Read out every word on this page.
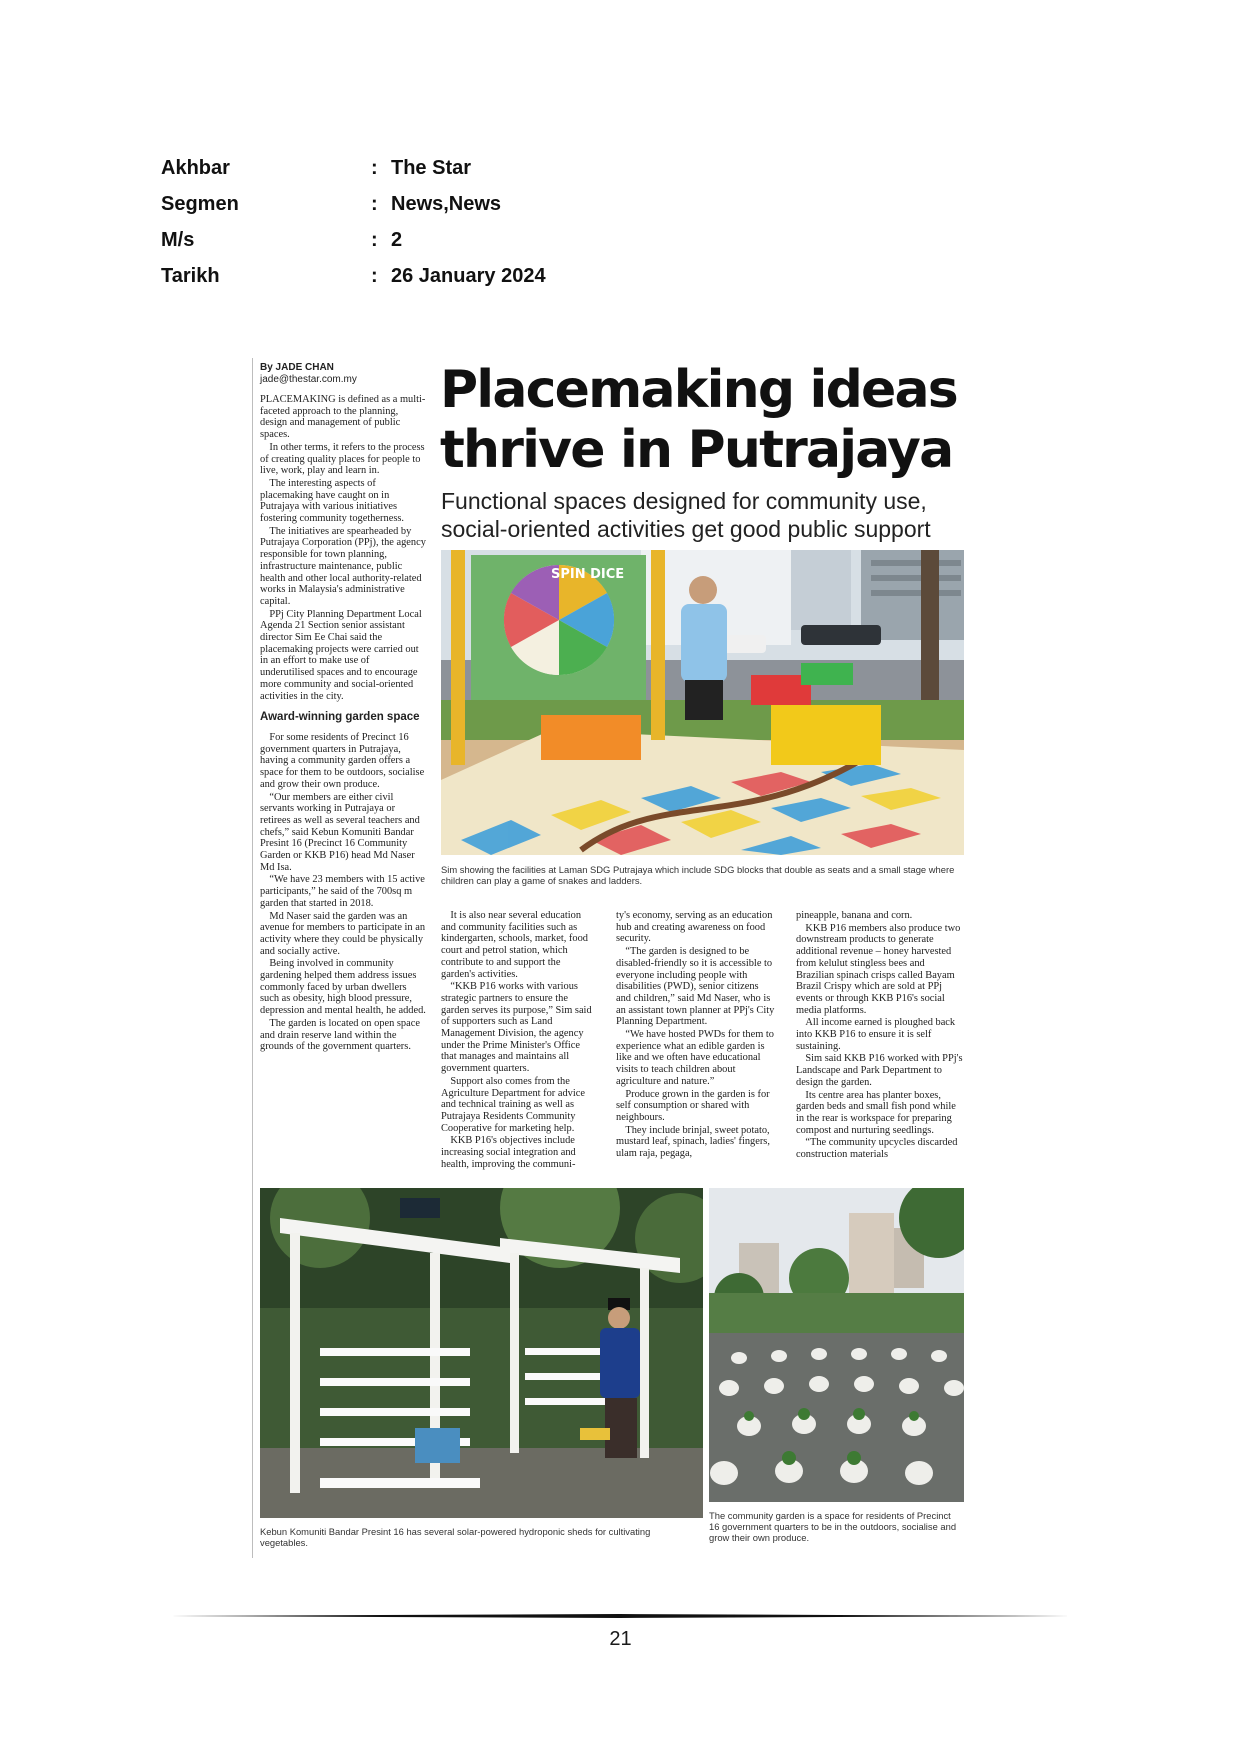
Akhbar	: The Star
Segmen	: News,News
M/s	: 2
Tarikh	: 26 January 2024
By JADE CHAN
jade@thestar.com.my

PLACEMAKING is defined as a multi-faceted approach to the planning, design and management of public spaces.

In other terms, it refers to the process of creating quality places for people to live, work, play and learn in.

The interesting aspects of placemaking have caught on in Putrajaya with various initiatives fostering community togetherness.

The initiatives are spearheaded by Putrajaya Corporation (PPj), the agency responsible for town planning, infrastructure maintenance, public health and other local authority-related works in Malaysia's administrative capital.

PPj City Planning Department Local Agenda 21 Section senior assistant director Sim Ee Chai said the placemaking projects were carried out in an effort to make use of underutilised spaces and to encourage more community and social-oriented activities in the city.

Award-winning garden space

For some residents of Precinct 16 government quarters in Putrajaya, having a community garden offers a space for them to be outdoors, socialise and grow their own produce.

“Our members are either civil servants working in Putrajaya or retirees as well as several teachers and chefs,” said Kebun Komuniti Bandar Presint 16 (Precinct 16 Community Garden or KKB P16) head Md Naser Md Isa.

“We have 23 members with 15 active participants,” he said of the 700sq m garden that started in 2018.

Md Naser said the garden was an avenue for members to participate in an activity where they could be physically and socially active.

Being involved in community gardening helped them address issues commonly faced by urban dwellers such as obesity, high blood pressure, depression and mental health, he added.

The garden is located on open space and drain reserve land within the grounds of the government quarters.

Placemaking ideas
thrive in Putrajaya
Functional spaces designed for community use,
social-oriented activities get good public support
SPIN DICE
Sim showing the facilities at Laman SDG Putrajaya which include SDG blocks that double as seats and a small stage where children can play a game of snakes and ladders.

It is also near several education and community facilities such as kindergarten, schools, market, food court and petrol station, which contribute to and support the garden's activities.

“KKB P16 works with various strategic partners to ensure the garden serves its purpose,” Sim said of supporters such as Land Management Division, the agency under the Prime Minister's Office that manages and maintains all government quarters.

Support also comes from the Agriculture Department for advice and technical training as well as Putrajaya Residents Community Cooperative for marketing help.

KKB P16's objectives include increasing social integration and health, improving the communi-

ty's economy, serving as an education hub and creating awareness on food security.

“The garden is designed to be disabled-friendly so it is accessible to everyone including people with disabilities (PWD), senior citizens and children,” said Md Naser, who is an assistant town planner at PPj's City Planning Department.

“We have hosted PWDs for them to experience what an edible garden is like and we often have educational visits to teach children about agriculture and nature.”

Produce grown in the garden is for self consumption or shared with neighbours.

They include brinjal, sweet potato, mustard leaf, spinach, ladies' fingers, ulam raja, pegaga,

pineapple, banana and corn.

KKB P16 members also produce two downstream products to generate additional revenue – honey harvested from kelulut stingless bees and Brazilian spinach crisps called Bayam Brazil Crispy which are sold at PPj events or through KKB P16's social media platforms.

All income earned is ploughed back into KKB P16 to ensure it is self sustaining.

Sim said KKB P16 worked with PPj's Landscape and Park Department to design the garden.

Its centre area has planter boxes, garden beds and small fish pond while in the rear is workspace for preparing compost and nurturing seedlings.

“The community upcycles discarded construction materials

Kebun Komuniti Bandar Presint 16 has several solar-powered hydroponic sheds for cultivating vegetables.
The community garden is a space for residents of Precinct 16 government quarters to be in the outdoors, socialise and grow their own produce.
21
